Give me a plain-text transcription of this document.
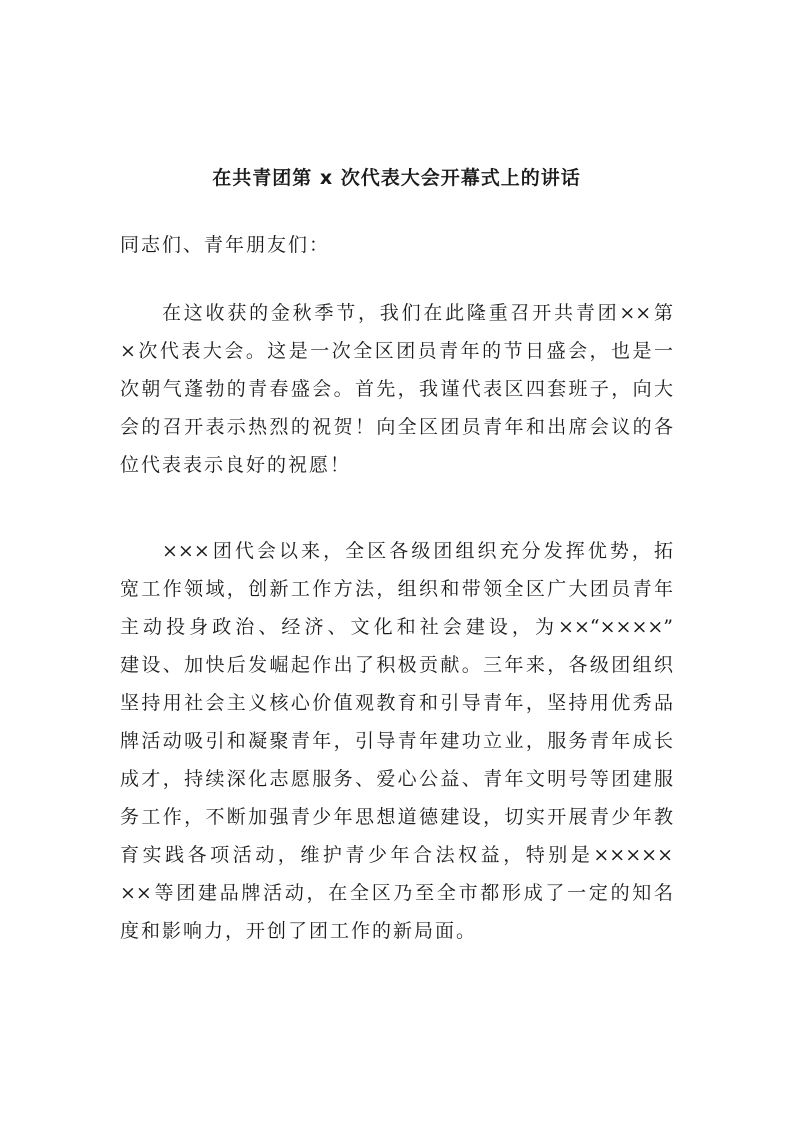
在共青团第 x 次代表大会开幕式上的讲话
同志们、青年朋友们：
在这收获的金秋季节，我们在此隆重召开共青团××第
×次代表大会。这是一次全区团员青年的节日盛会，也是一
次朝气蓬勃的青春盛会。首先，我谨代表区四套班子，向大
会的召开表示热烈的祝贺！向全区团员青年和出席会议的各
位代表表示良好的祝愿！
×××团代会以来，全区各级团组织充分发挥优势，拓
宽工作领域，创新工作方法，组织和带领全区广大团员青年
主动投身政治、经济、文化和社会建设，为××“××××”
建设、加快后发崛起作出了积极贡献。三年来，各级团组织
坚持用社会主义核心价值观教育和引导青年，坚持用优秀品
牌活动吸引和凝聚青年，引导青年建功立业，服务青年成长
成才，持续深化志愿服务、爱心公益、青年文明号等团建服
务工作，不断加强青少年思想道德建设，切实开展青少年教
育实践各项活动，维护青少年合法权益，特别是×××××
××等团建品牌活动，在全区乃至全市都形成了一定的知名
度和影响力，开创了团工作的新局面。
